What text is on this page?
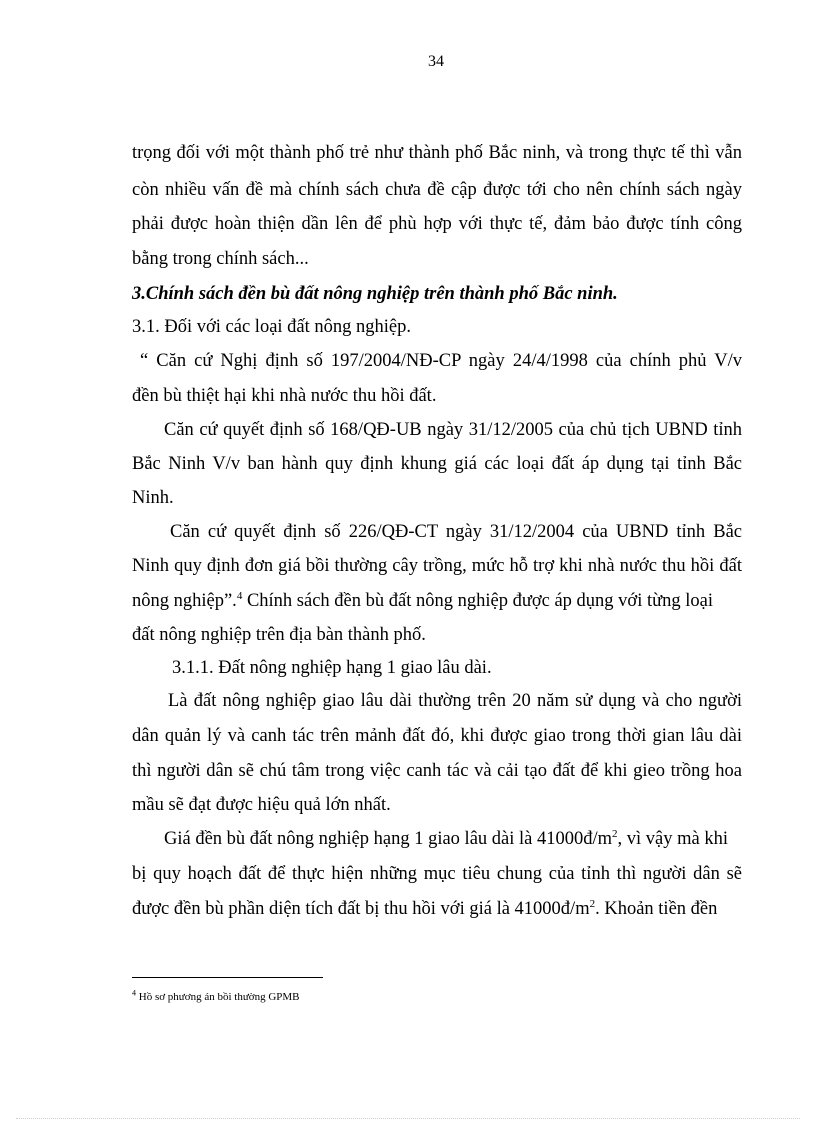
34
trọng đối với một thành phố trẻ như thành phố Bắc ninh, và trong thực tế thì vẫn
còn nhiều vấn đề mà chính sách chưa đề cập được tới cho nên chính sách ngày
phải được hoàn thiện dần lên để phù hợp với thực tế, đảm bảo được tính công
bằng trong chính sách...
3.Chính sách đền bù đất nông nghiệp trên thành phố Bắc ninh.
3.1. Đối với các loại đất nông nghiệp.
“ Căn cứ Nghị định số 197/2004/NĐ-CP ngày 24/4/1998 của chính phủ V/v
đền bù thiệt hại khi nhà nước thu hồi đất.
Căn cứ quyết định số 168/QĐ-UB ngày 31/12/2005 của chủ tịch UBND tỉnh
Bắc Ninh V/v ban hành quy định khung giá các loại đất áp dụng tại tỉnh Bắc
Ninh.
Căn cứ quyết định số 226/QĐ-CT ngày 31/12/2004 của UBND tỉnh Bắc
Ninh quy định đơn giá bồi thường cây trồng, mức hỗ trợ khi nhà nước thu hồi đất
nông nghiệp”.$^4$ Chính sách đền bù đất nông nghiệp được áp dụng với từng loại
đất nông nghiệp trên địa bàn thành phố.
3.1.1. Đất nông nghiệp hạng 1 giao lâu dài.
Là đất nông nghiệp giao lâu dài thường trên 20 năm sử dụng và cho người
dân quản lý và canh tác trên mảnh đất đó, khi được giao trong thời gian lâu dài
thì người dân sẽ chú tâm trong việc canh tác và cải tạo đất để khi gieo trồng hoa
mầu sẽ đạt được hiệu quả lớn nhất.
Giá đền bù đất nông nghiệp hạng 1 giao lâu dài là $41000đ/m^2$, vì vậy mà khi
bị quy hoạch đất để thực hiện những mục tiêu chung của tỉnh thì người dân sẽ
được đền bù phần diện tích đất bị thu hồi với giá là $41000đ/m^2$. Khoản tiền đền
$^4$ Hồ sơ phương án bồi thường GPMB
